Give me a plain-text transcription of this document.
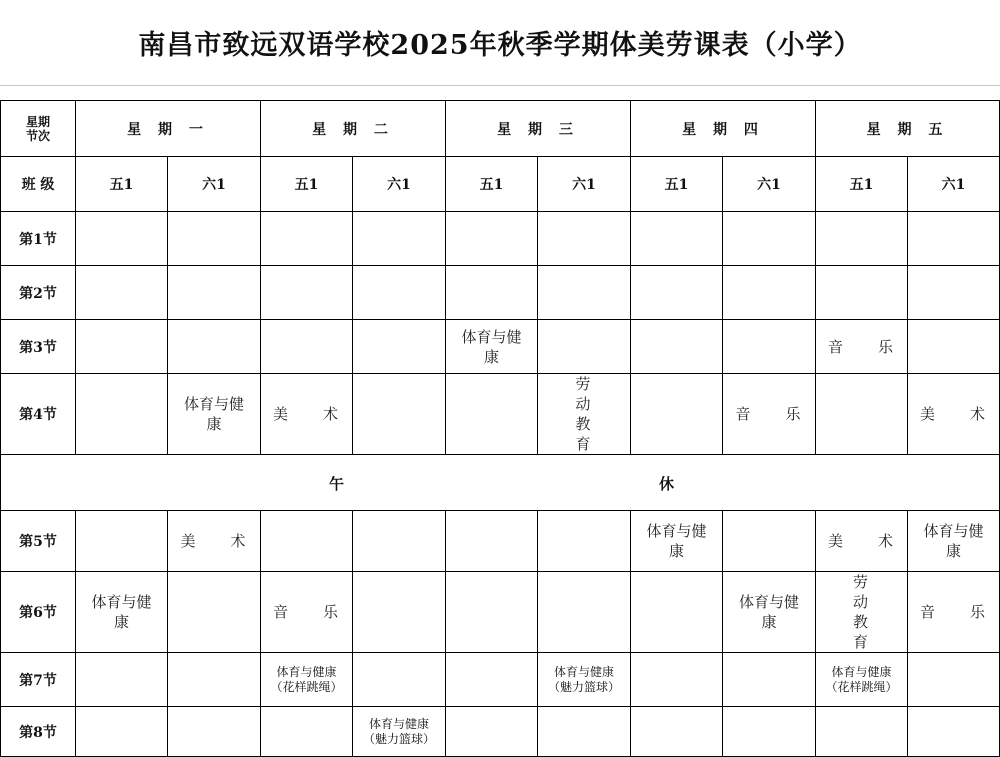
南昌市致远双语学校2025年秋季学期体美劳课表（小学）
星期
节次	星 期 一		星 期 二		星 期 三		星 期 四		星 期 五	
班 级	五1	六1	五1	六1	五1	六1	五1	六1	五1	六1
第1节										
第2节										
第3节					体育与健康				音　乐	
第4节		体育与健康	美　术			劳 动 教 育		音　乐		美　术

午 休										

第5节		美　术					体育与健康		美　术	体育与健康
第6节	体育与健康		音　乐					体育与健康	劳 动 教 育	音　乐
第7节			体育与健康（花样跳绳）			体育与健康（魅力篮球）			体育与健康（花样跳绳）	
第8节				体育与健康（魅力篮球）						
